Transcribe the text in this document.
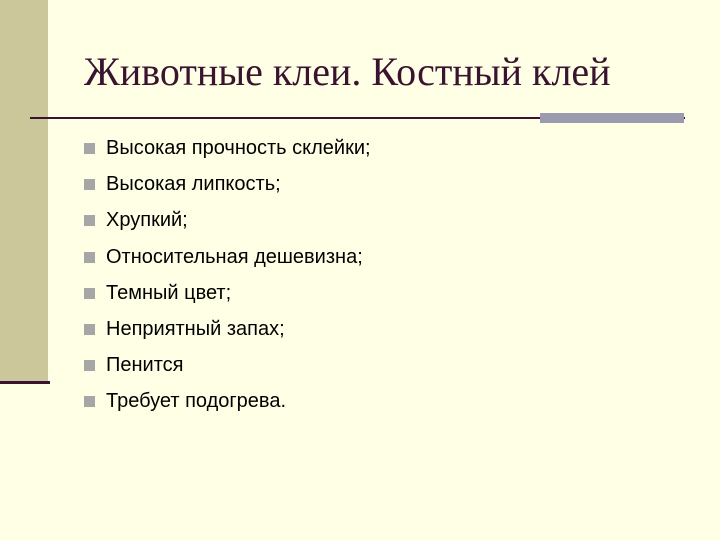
Животные клеи. Костный клей
Высокая прочность склейки;
Высокая липкость;
Хрупкий;
Относительная дешевизна;
Темный цвет;
Неприятный запах;
Пенится
Требует подогрева.
